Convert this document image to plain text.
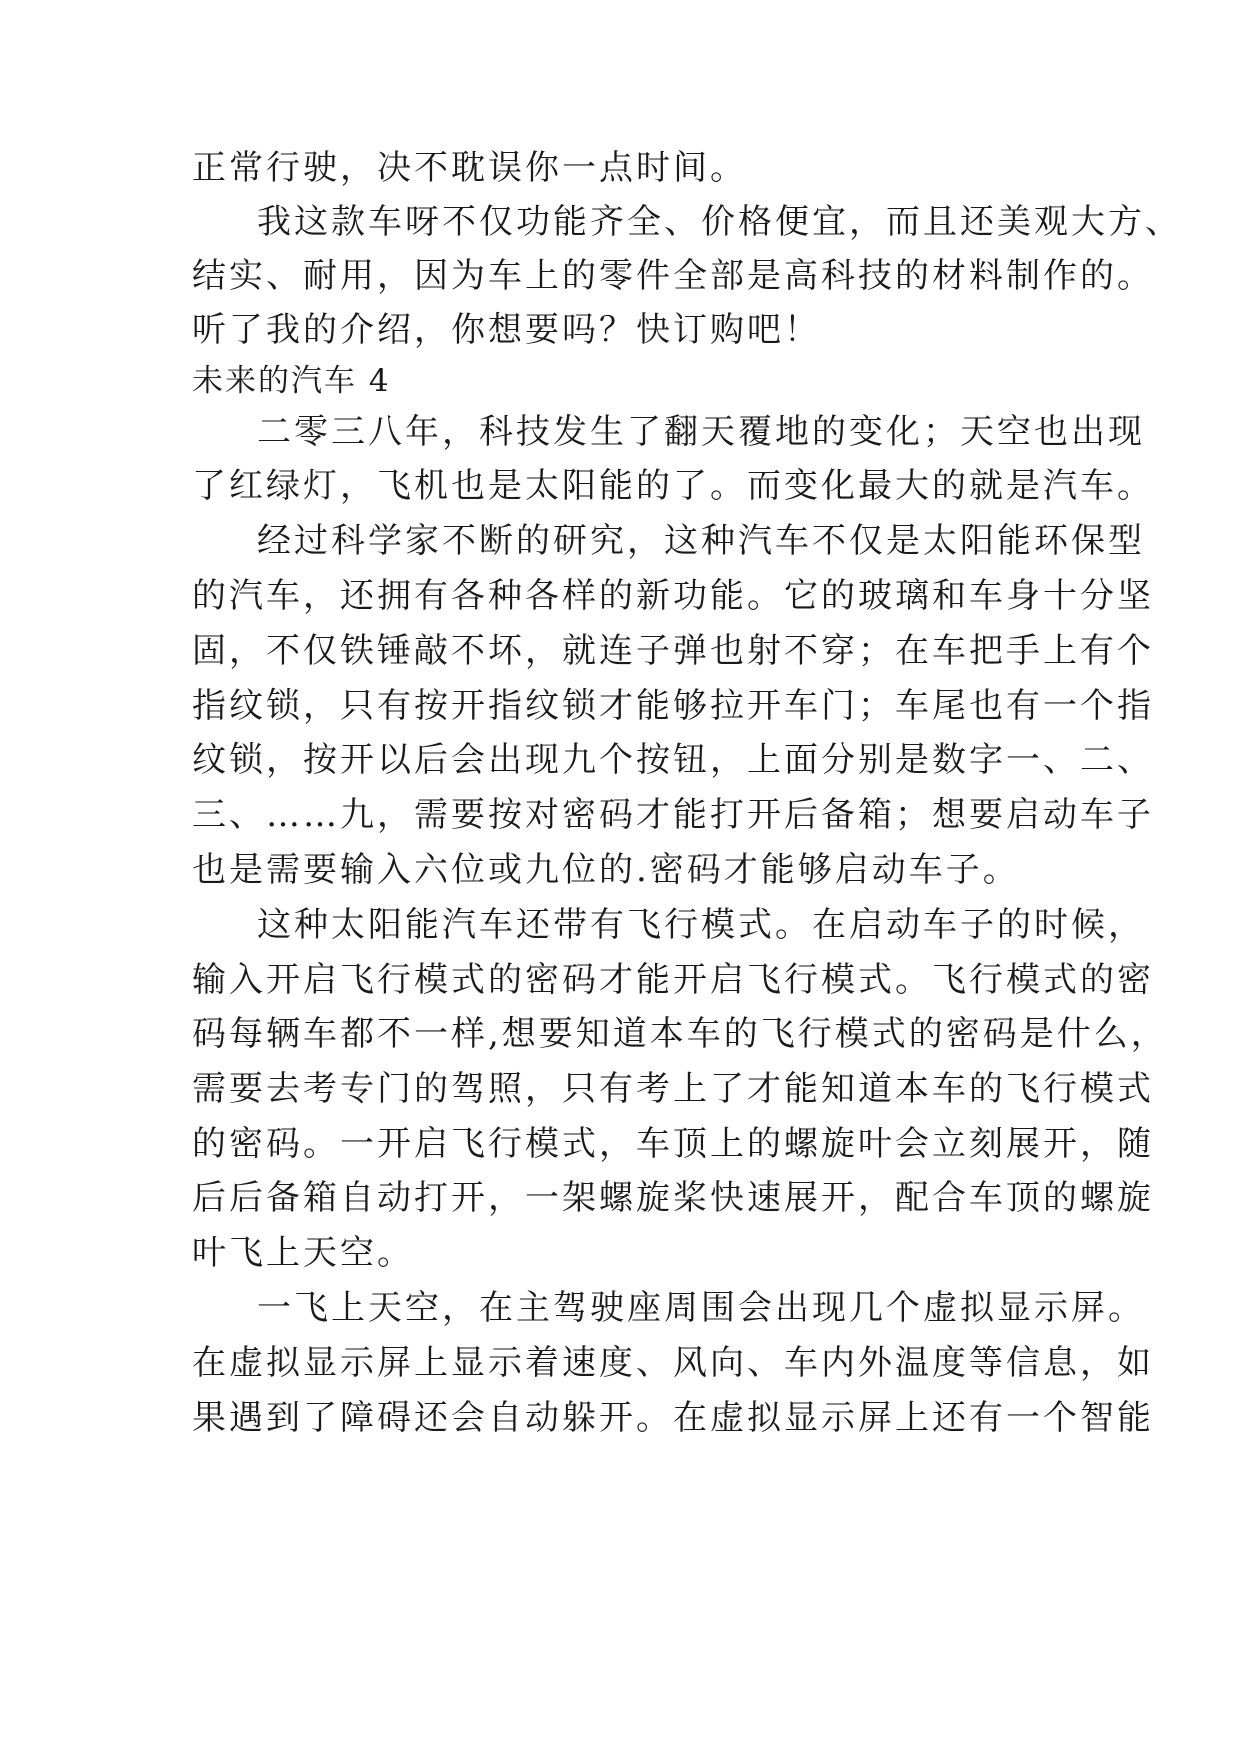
正常行驶，决不耽误你一点时间。
我这款车呀不仅功能齐全、价格便宜，而且还美观大方、
结实、耐用，因为车上的零件全部是高科技的材料制作的。
听了我的介绍，你想要吗？快订购吧！
未来的汽车 4
二零三八年，科技发生了翻天覆地的变化；天空也出现
了红绿灯，飞机也是太阳能的了。而变化最大的就是汽车。
经过科学家不断的研究，这种汽车不仅是太阳能环保型
的汽车，还拥有各种各样的新功能。它的玻璃和车身十分坚
固，不仅铁锤敲不坏，就连子弹也射不穿；在车把手上有个
指纹锁，只有按开指纹锁才能够拉开车门；车尾也有一个指
纹锁，按开以后会出现九个按钮，上面分别是数字一、二、
三、……九，需要按对密码才能打开后备箱；想要启动车子
也是需要输入六位或九位的.密码才能够启动车子。
这种太阳能汽车还带有飞行模式。在启动车子的时候，
输入开启飞行模式的密码才能开启飞行模式。飞行模式的密
码每辆车都不一样,想要知道本车的飞行模式的密码是什么，
需要去考专门的驾照，只有考上了才能知道本车的飞行模式
的密码。一开启飞行模式，车顶上的螺旋叶会立刻展开，随
后后备箱自动打开，一架螺旋桨快速展开，配合车顶的螺旋
叶飞上天空。
一飞上天空，在主驾驶座周围会出现几个虚拟显示屏。
在虚拟显示屏上显示着速度、风向、车内外温度等信息，如
果遇到了障碍还会自动躲开。在虚拟显示屏上还有一个智能
